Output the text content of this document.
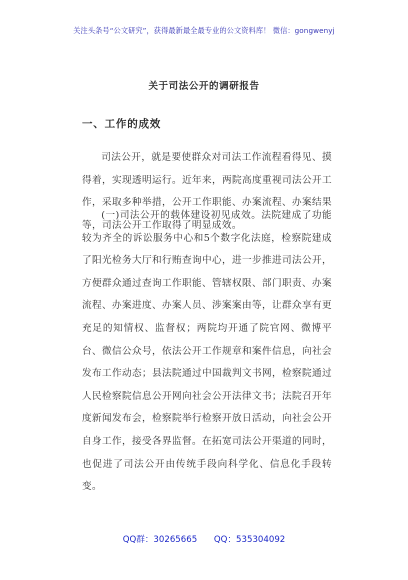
关注头条号“公文研究”，获得最新最全最专业的公文资料库！ 微信：gongwenyj
关于司法公开的调研报告
一、工作的成效

司法公开，就是要使群众对司法工作流程看得见、摸得着，实现透明运行。近年来，两院高度重视司法公开工作，采取多种举措，公开工作职能、办案流程、办案结果等，司法公开工作取得了明显成效。

(一)司法公开的载体建设初见成效。法院建成了功能较为齐全的诉讼服务中心和5个数字化法庭，检察院建成了阳光检务大厅和行贿查询中心，进一步推进司法公开，方便群众通过查询工作职能、管辖权限、部门职责、办案流程、办案进度、办案人员、涉案案由等，让群众享有更充足的知情权、监督权；两院均开通了院官网、微博平台、微信公众号，依法公开工作规章和案件信息，向社会发布工作动态；县法院通过中国裁判文书网，检察院通过人民检察院信息公开网向社会公开法律文书；法院召开年度新闻发布会，检察院举行检察开放日活动，向社会公开自身工作，接受各界监督。在拓宽司法公开渠道的同时，也促进了司法公开由传统手段向科学化、信息化手段转变。

QQ群：30265665 QQ：535304092
